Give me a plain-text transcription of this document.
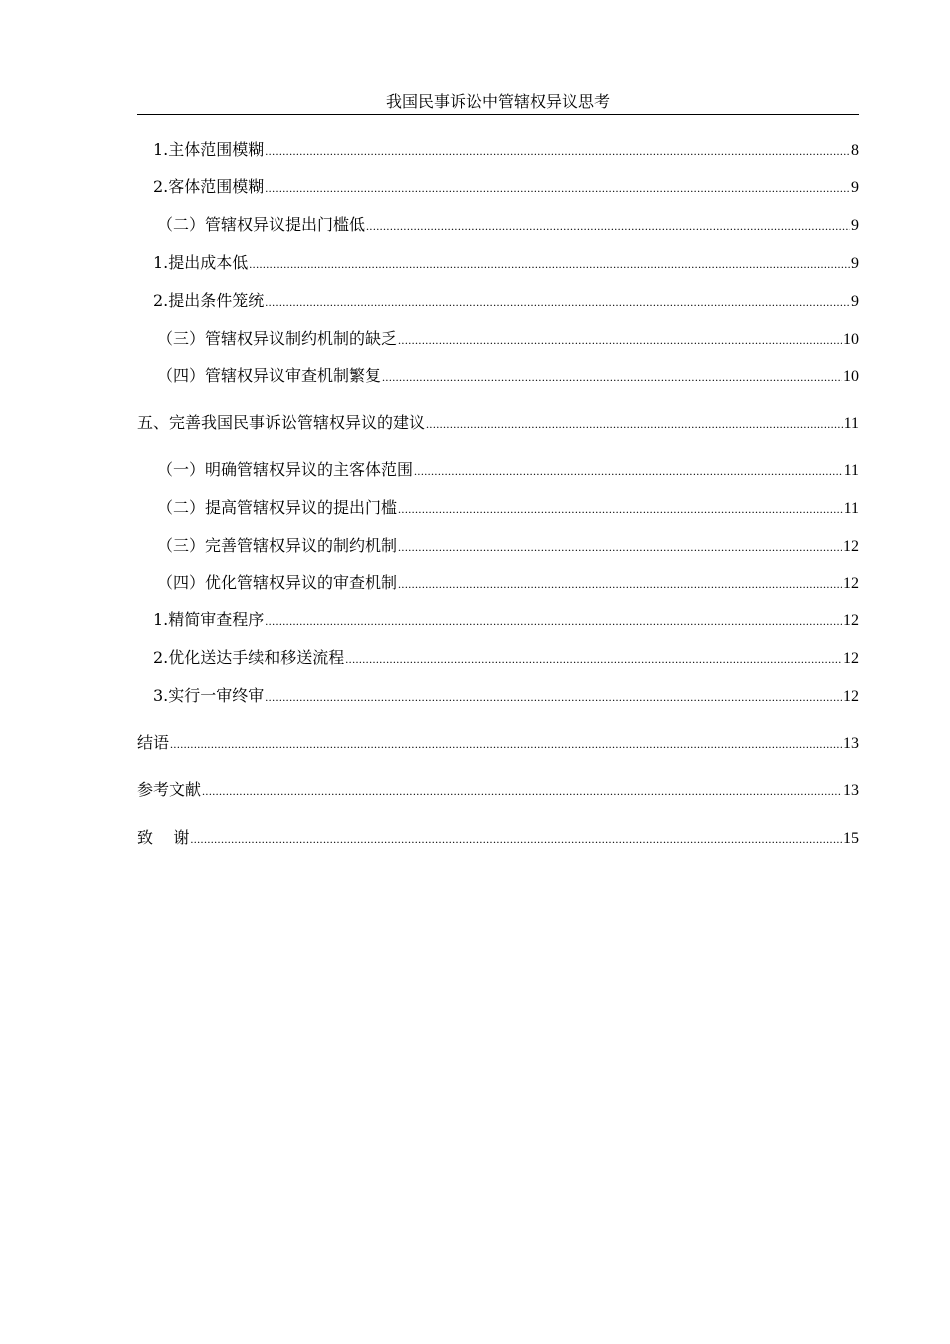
我国民事诉讼中管辖权异议思考
1.主体范围模糊 .....	8
2.客体范围模糊 .....	9
（二）管辖权异议提出门槛低 .....	9
1.提出成本低 .....	9
2.提出条件笼统 .....	9
（三）管辖权异议制约机制的缺乏 .....	10
（四）管辖权异议审查机制繁复 .....	10
五、完善我国民事诉讼管辖权异议的建议 .....	11
（一）明确管辖权异议的主客体范围 .....	11
（二）提高管辖权异议的提出门槛 .....	11
（三）完善管辖权异议的制约机制 .....	12
（四）优化管辖权异议的审查机制 .....	12
1.精简审查程序 .....	12
2.优化送达手续和移送流程 .....	12
3.实行一审终审 .....	12
结语 .....	13
参考文献 .....	13
致    谢 .....	15
